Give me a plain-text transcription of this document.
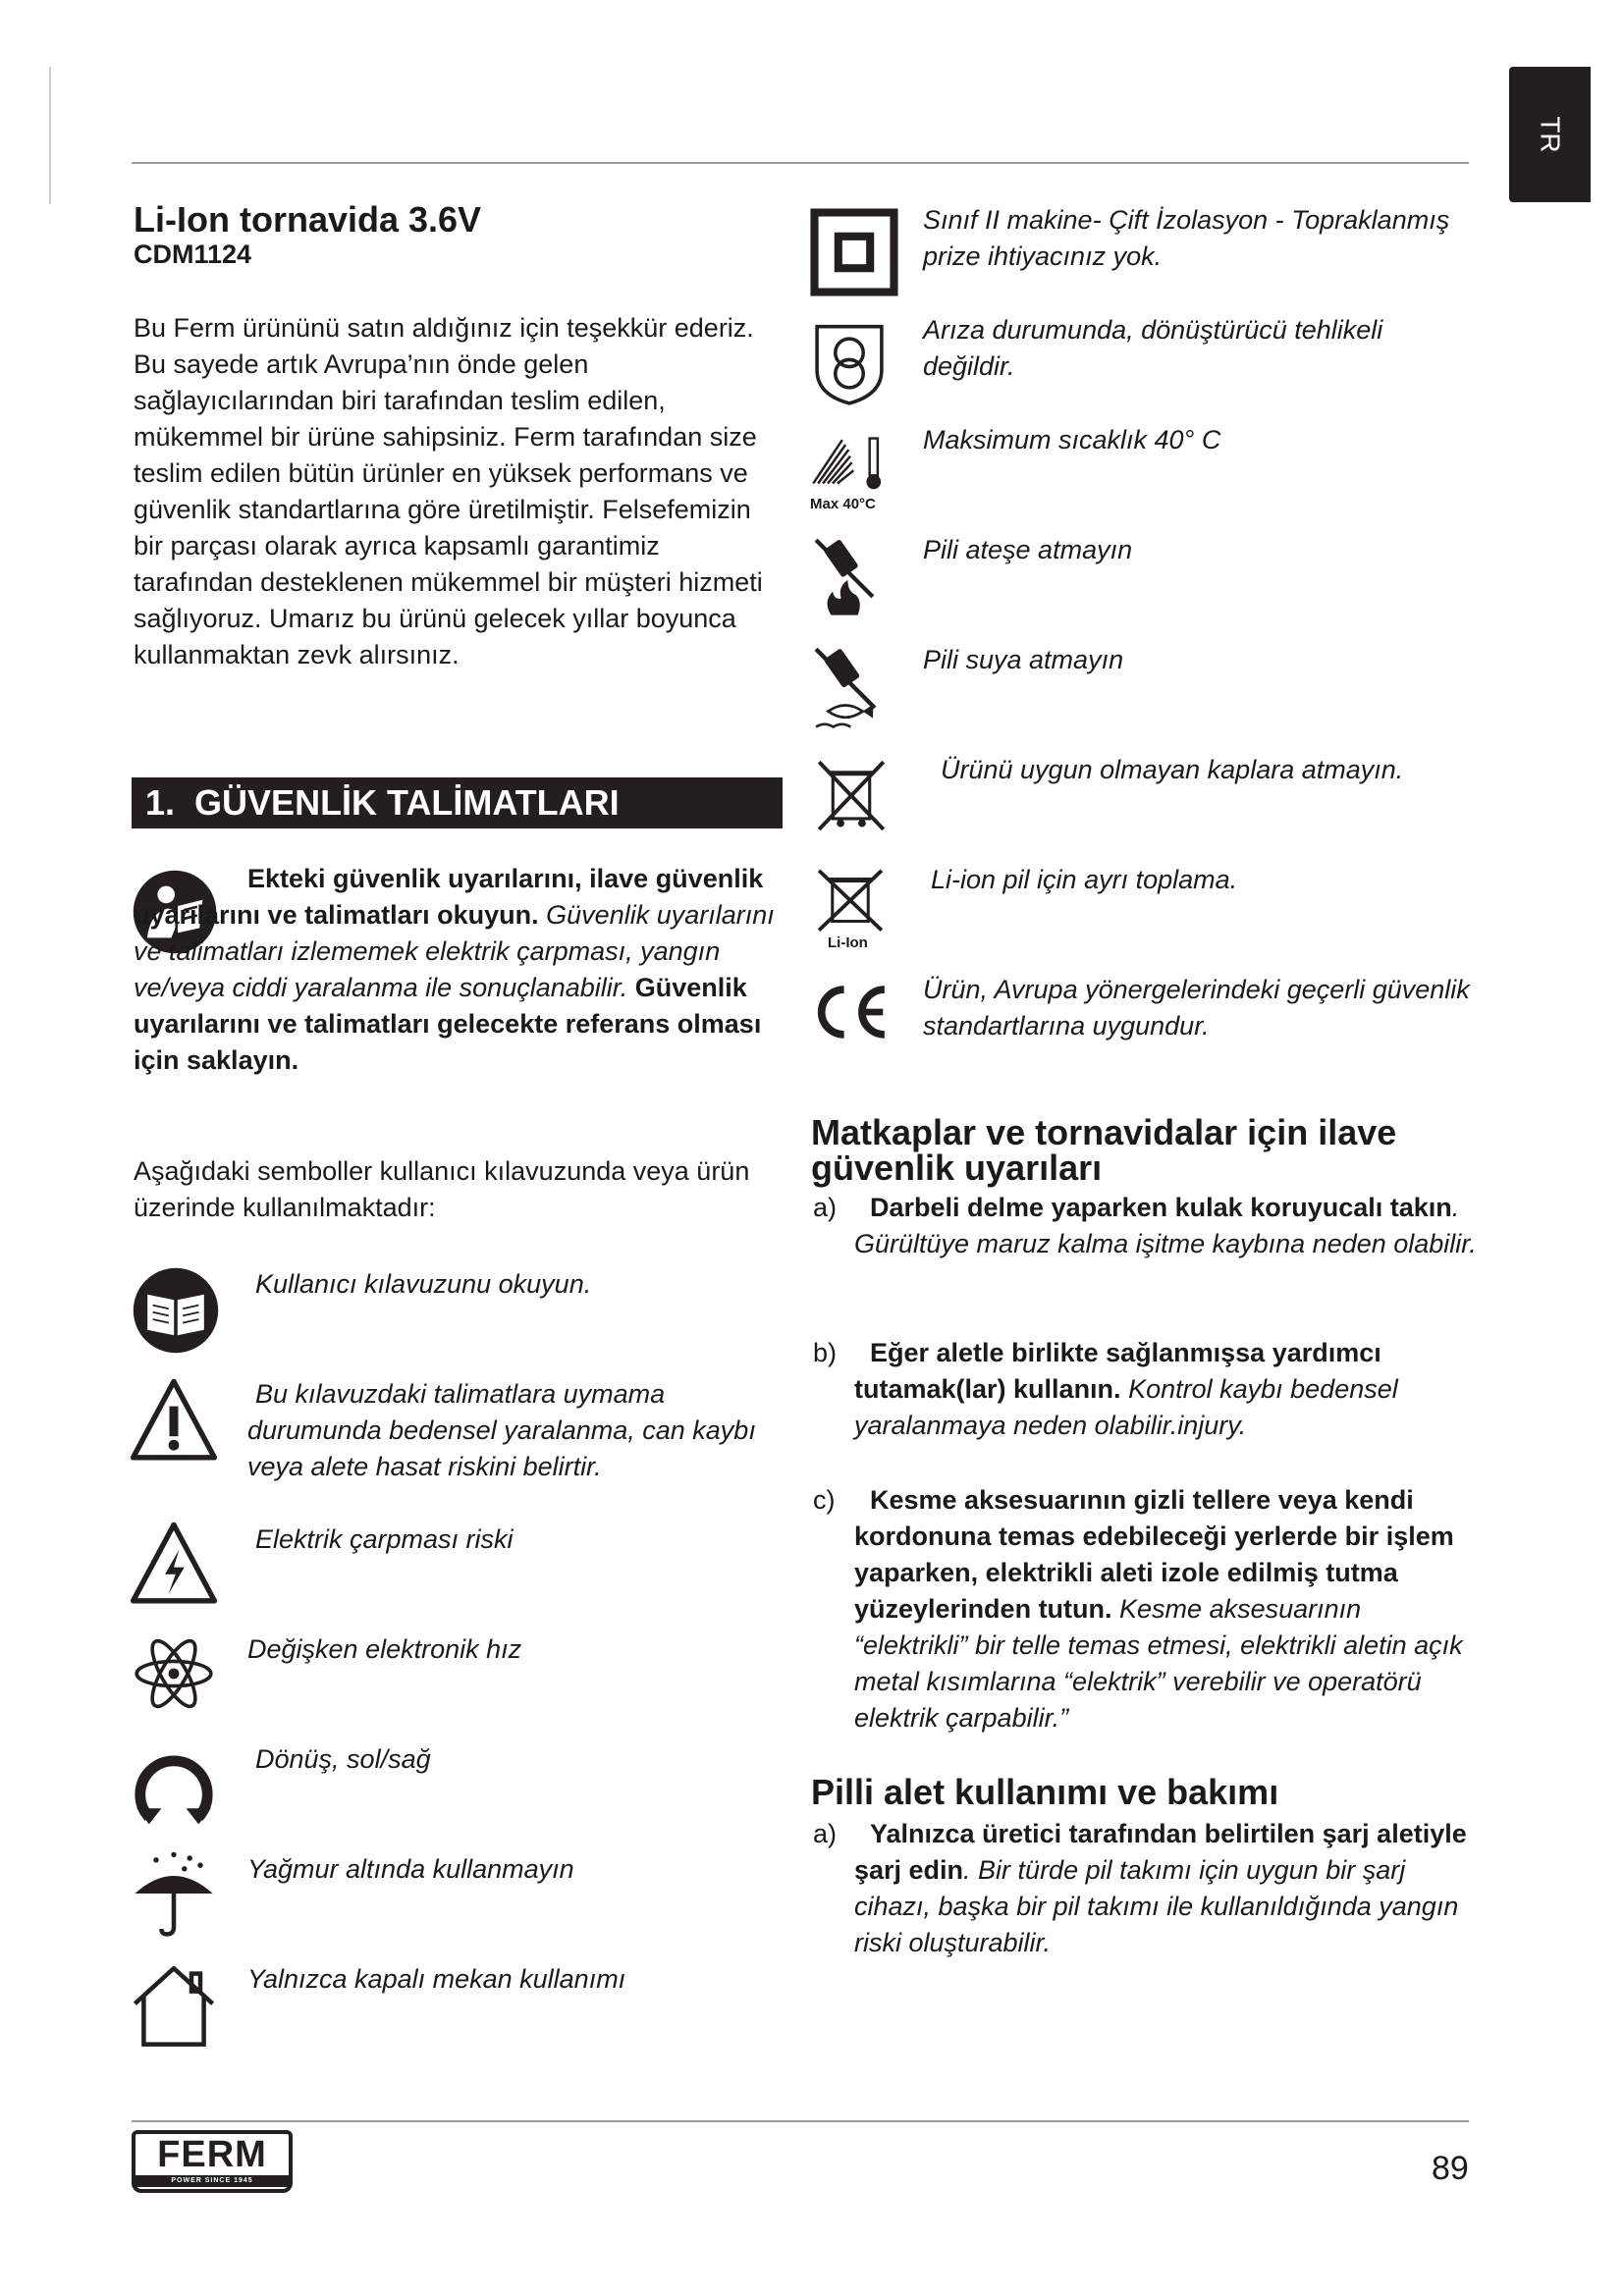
TR
Li-Ion tornavida 3.6V
CDM1124
Bu Ferm ürününü satın aldığınız için teşekkür ederiz. Bu sayede artık Avrupa’nın önde gelen sağlayıcılarından biri tarafından teslim edilen, mükemmel bir ürüne sahipsiniz. Ferm tarafından size teslim edilen bütün ürünler en yüksek performans ve güvenlik standartlarına göre üretilmiştir. Felsefemizin bir parçası olarak ayrıca kapsamlı garantimiz tarafından desteklenen mükemmel bir müşteri hizmeti sağlıyoruz. Umarız bu ürünü gelecek yıllar boyunca kullanmaktan zevk alırsınız.
1. GÜVENLİK TALİMATLARI
Ekteki güvenlik uyarılarını, ilave güvenlik uyarılarını ve talimatları okuyun. Güvenlik uyarılarını ve talimatları izlememek elektrik çarpması, yangın ve/veya ciddi yaralanma ile sonuçlanabilir. Güvenlik uyarılarını ve talimatları gelecekte referans olması için saklayın.
Aşağıdaki semboller kullanıcı kılavuzunda veya ürün üzerinde kullanılmaktadır:
Kullanıcı kılavuzunu okuyun.
Bu kılavuzdaki talimatlara uymama durumunda bedensel yaralanma, can kaybı veya alete hasat riskini belirtir.
Elektrik çarpması riski
Değişken elektronik hız
Dönüş, sol/sağ
Yağmur altında kullanmayın
Yalnızca kapalı mekan kullanımı
Sınıf II makine- Çift İzolasyon - Topraklanmış prize ihtiyacınız yok.
Arıza durumunda, dönüştürücü tehlikeli değildir.
Max 40°C
Maksimum sıcaklık 40° C
Pili ateşe atmayın
Pili suya atmayın
Ürünü uygun olmayan kaplara atmayın.
Li-Ion
Li-ion pil için ayrı toplama.
Ürün, Avrupa yönergelerindeki geçerli güvenlik standartlarına uygundur.
Matkaplar ve tornavidalar için ilave güvenlik uyarıları
a)	Darbeli delme yaparken kulak koruyucalı takın. Gürültüye maruz kalma işitme kaybına neden olabilir.
b)	Eğer aletle birlikte sağlanmışsa yardımcı tutamak(lar) kullanın. Kontrol kaybı bedensel yaralanmaya neden olabilir.injury.
c)	Kesme aksesuarının gizli tellere veya kendi kordonuna temas edebileceği yerlerde bir işlem yaparken, elektrikli aleti izole edilmiş tutma yüzeylerinden tutun. Kesme aksesuarının “elektrikli” bir telle temas etmesi, elektrikli aletin açık metal kısımlarına “elektrik” verebilir ve operatörü elektrik çarpabilir.”
Pilli alet kullanımı ve bakımı
a)	Yalnızca üretici tarafından belirtilen şarj aletiyle şarj edin. Bir türde pil takımı için uygun bir şarj cihazı, başka bir pil takımı ile kullanıldığında yangın riski oluşturabilir.
FERM
POWER SINCE 1945	89
